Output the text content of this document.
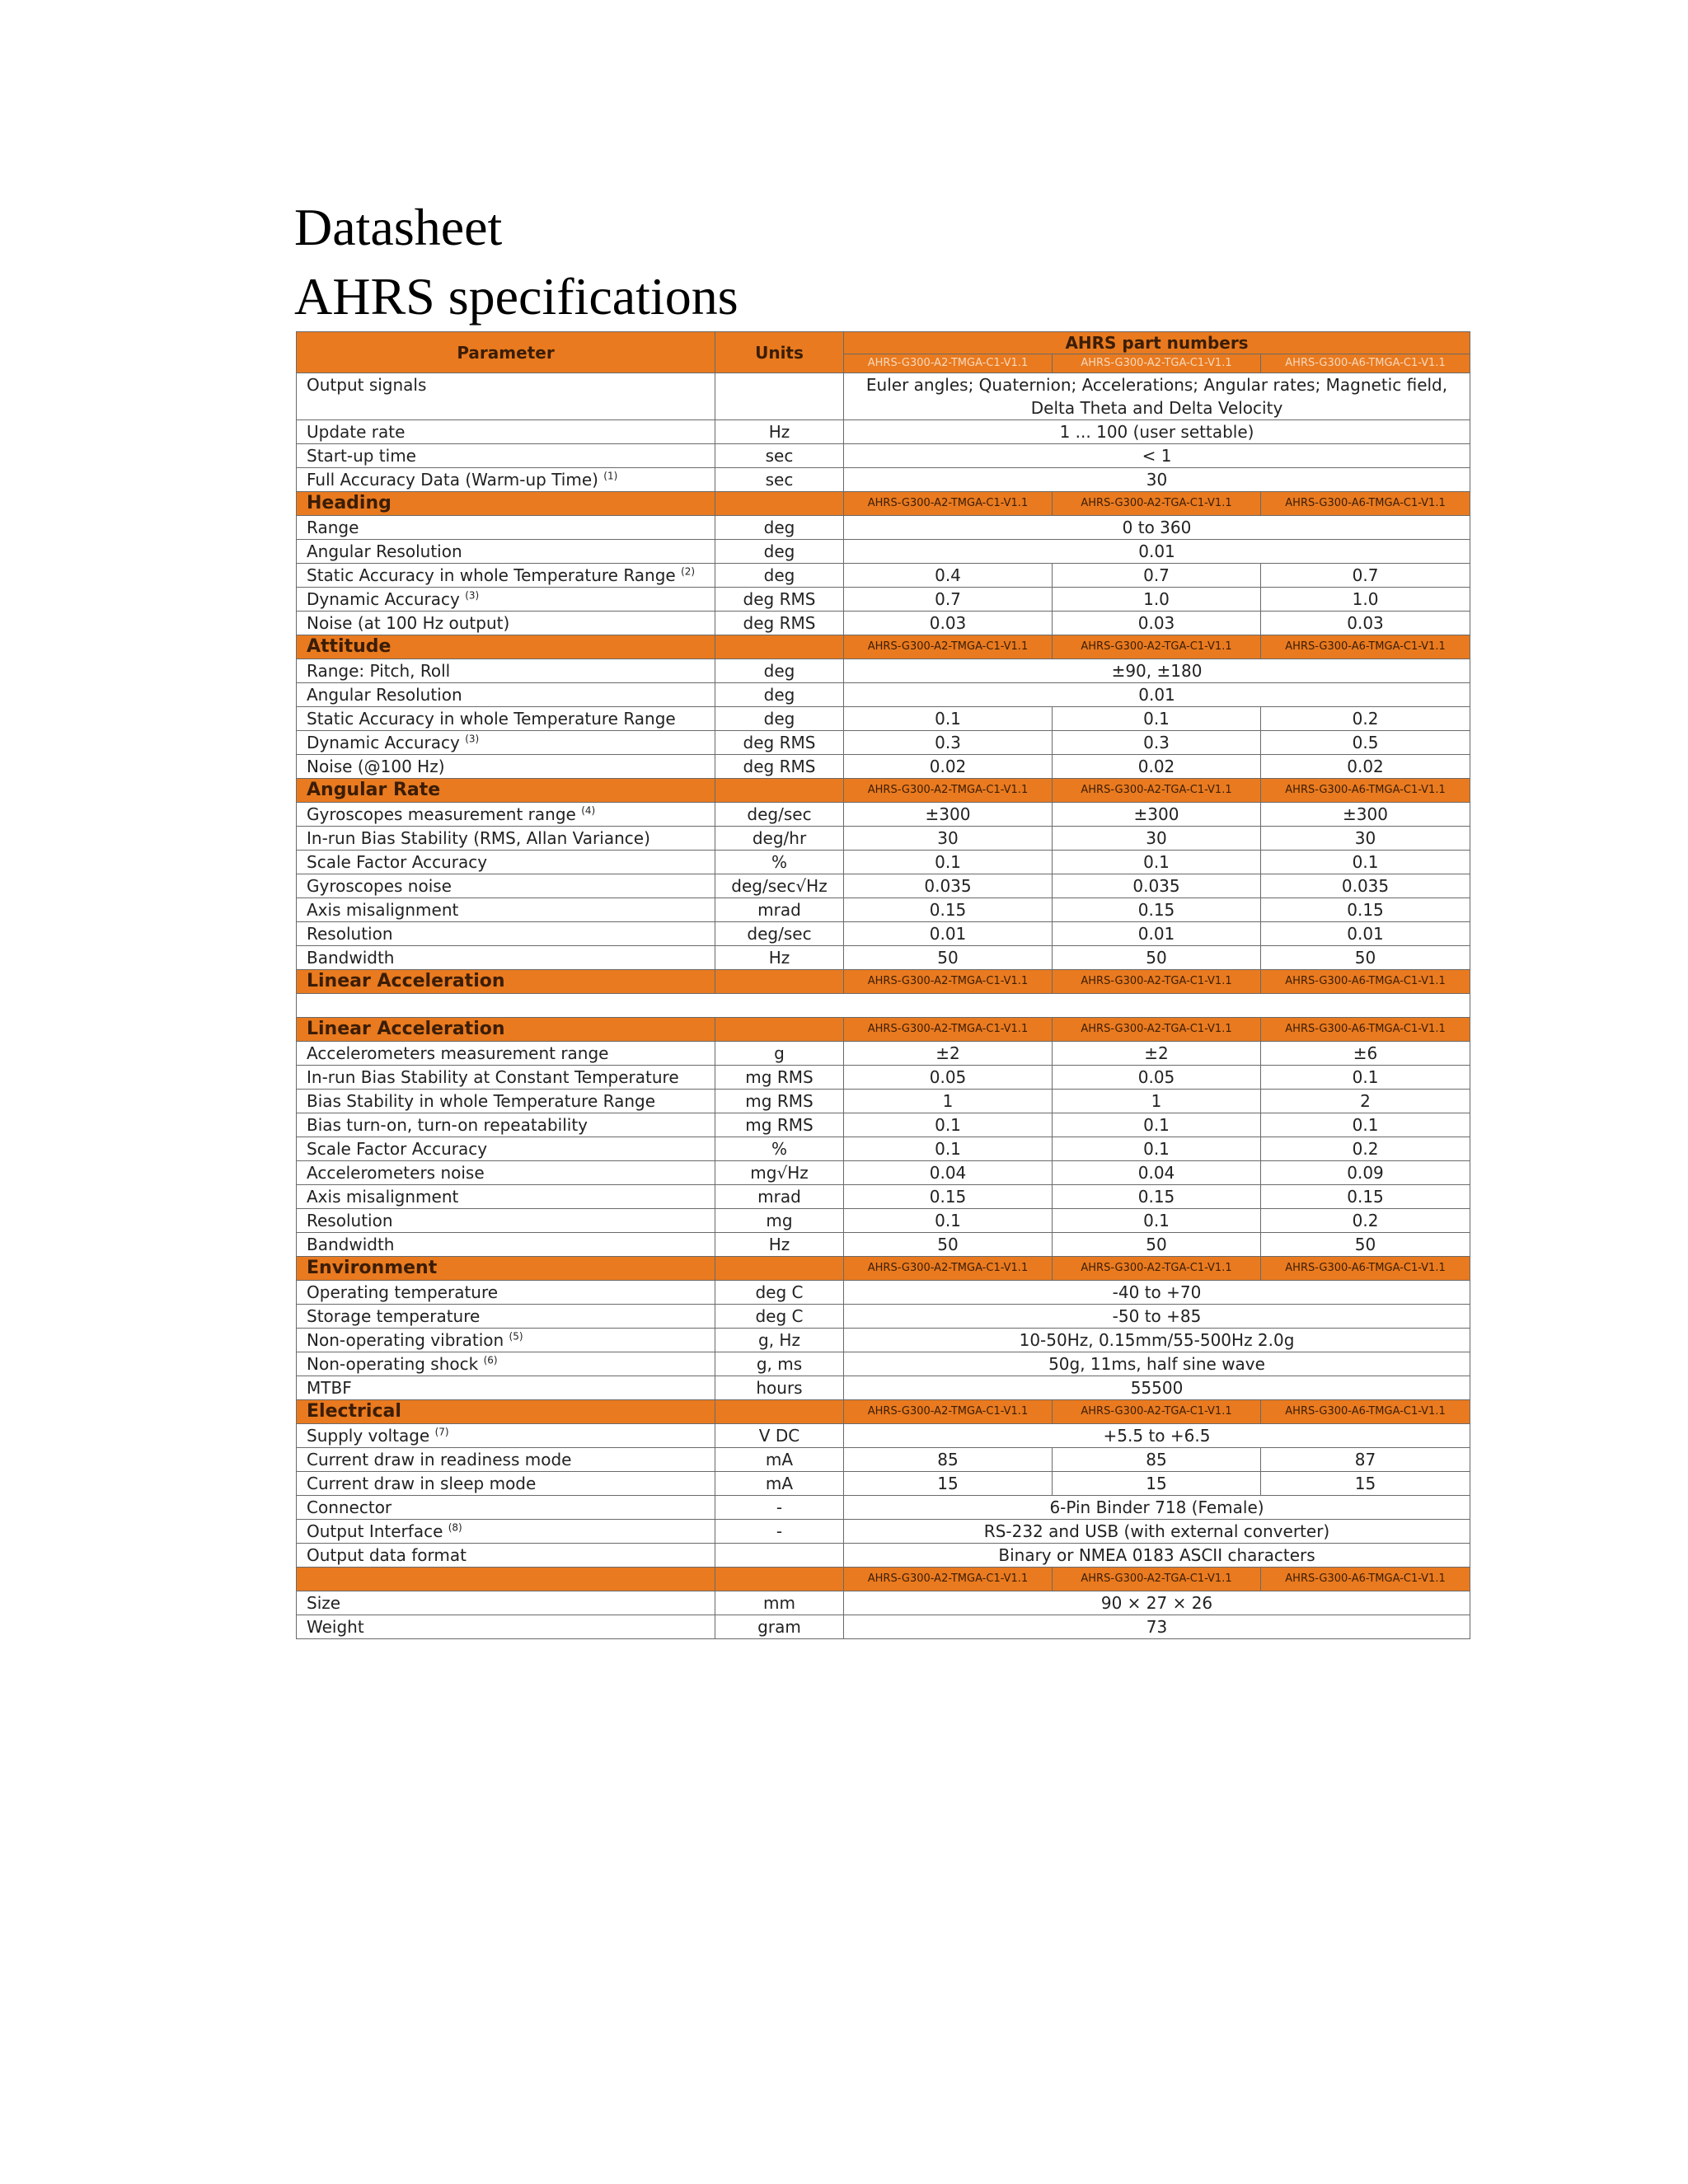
Datasheet
AHRS specifications
Parameter	Units	AHRS part numbers		
		AHRS-G300-A2-TMGA-C1-V1.1	AHRS-G300-A2-TGA-C1-V1.1	AHRS-G300-A6-TMGA-C1-V1.1
Output signals		Euler angles; Quaternion; Accelerations; Angular rates; Magnetic field, Delta Theta and Delta Velocity		
Update rate	Hz	1 ... 100 (user settable)		
Start-up time	sec	< 1		
Full Accuracy Data (Warm-up Time) $^{(1)}$	sec	30		
Heading		AHRS-G300-A2-TMGA-C1-V1.1	AHRS-G300-A2-TGA-C1-V1.1	AHRS-G300-A6-TMGA-C1-V1.1
Range	deg	0 to 360		
Angular Resolution	deg	0.01		
Static Accuracy in whole Temperature Range $^{(2)}$	deg	0.4	0.7	0.7
Dynamic Accuracy $^{(3)}$	deg RMS	0.7	1.0	1.0
Noise (at 100 Hz output)	deg RMS	0.03	0.03	0.03
Attitude		AHRS-G300-A2-TMGA-C1-V1.1	AHRS-G300-A2-TGA-C1-V1.1	AHRS-G300-A6-TMGA-C1-V1.1
Range: Pitch, Roll	deg	±90, ±180		
Angular Resolution	deg	0.01		
Static Accuracy in whole Temperature Range	deg	0.1	0.1	0.2
Dynamic Accuracy $^{(3)}$	deg RMS	0.3	0.3	0.5
Noise (@100 Hz)	deg RMS	0.02	0.02	0.02
Angular Rate		AHRS-G300-A2-TMGA-C1-V1.1	AHRS-G300-A2-TGA-C1-V1.1	AHRS-G300-A6-TMGA-C1-V1.1
Gyroscopes measurement range $^{(4)}$	deg/sec	±300	±300	±300
In-run Bias Stability (RMS, Allan Variance)	deg/hr	30	30	30
Scale Factor Accuracy	%	0.1	0.1	0.1
Gyroscopes noise	deg/sec√Hz	0.035	0.035	0.035
Axis misalignment	mrad	0.15	0.15	0.15
Resolution	deg/sec	0.01	0.01	0.01
Bandwidth	Hz	50	50	50
Linear Acceleration		AHRS-G300-A2-TMGA-C1-V1.1	AHRS-G300-A2-TGA-C1-V1.1	AHRS-G300-A6-TMGA-C1-V1.1

Linear Acceleration		AHRS-G300-A2-TMGA-C1-V1.1	AHRS-G300-A2-TGA-C1-V1.1	AHRS-G300-A6-TMGA-C1-V1.1
Accelerometers measurement range	g	±2	±2	±6
In-run Bias Stability at Constant Temperature	mg RMS	0.05	0.05	0.1
Bias Stability in whole Temperature Range	mg RMS	1	1	2
Bias turn-on, turn-on repeatability	mg RMS	0.1	0.1	0.1
Scale Factor Accuracy	%	0.1	0.1	0.2
Accelerometers noise	mg√Hz	0.04	0.04	0.09
Axis misalignment	mrad	0.15	0.15	0.15
Resolution	mg	0.1	0.1	0.2
Bandwidth	Hz	50	50	50
Environment		AHRS-G300-A2-TMGA-C1-V1.1	AHRS-G300-A2-TGA-C1-V1.1	AHRS-G300-A6-TMGA-C1-V1.1
Operating temperature	deg C	-40 to +70		
Storage temperature	deg C	-50 to +85		
Non-operating vibration $^{(5)}$	g, Hz	10-50Hz, 0.15mm/55-500Hz 2.0g		
Non-operating shock $^{(6)}$	g, ms	50g, 11ms, half sine wave		
MTBF	hours	55500		
Electrical		AHRS-G300-A2-TMGA-C1-V1.1	AHRS-G300-A2-TGA-C1-V1.1	AHRS-G300-A6-TMGA-C1-V1.1
Supply voltage $^{(7)}$	V DC	+5.5 to +6.5		
Current draw in readiness mode	mA	85	85	87
Current draw in sleep mode	mA	15	15	15
Connector	-	6-Pin Binder 718 (Female)		
Output Interface $^{(8)}$	-	RS-232 and USB (with external converter)		
Output data format		Binary or NMEA 0183 ASCII characters		
		AHRS-G300-A2-TMGA-C1-V1.1	AHRS-G300-A2-TGA-C1-V1.1	AHRS-G300-A6-TMGA-C1-V1.1
Size	mm	90 × 27 × 26		
Weight	gram	73		
